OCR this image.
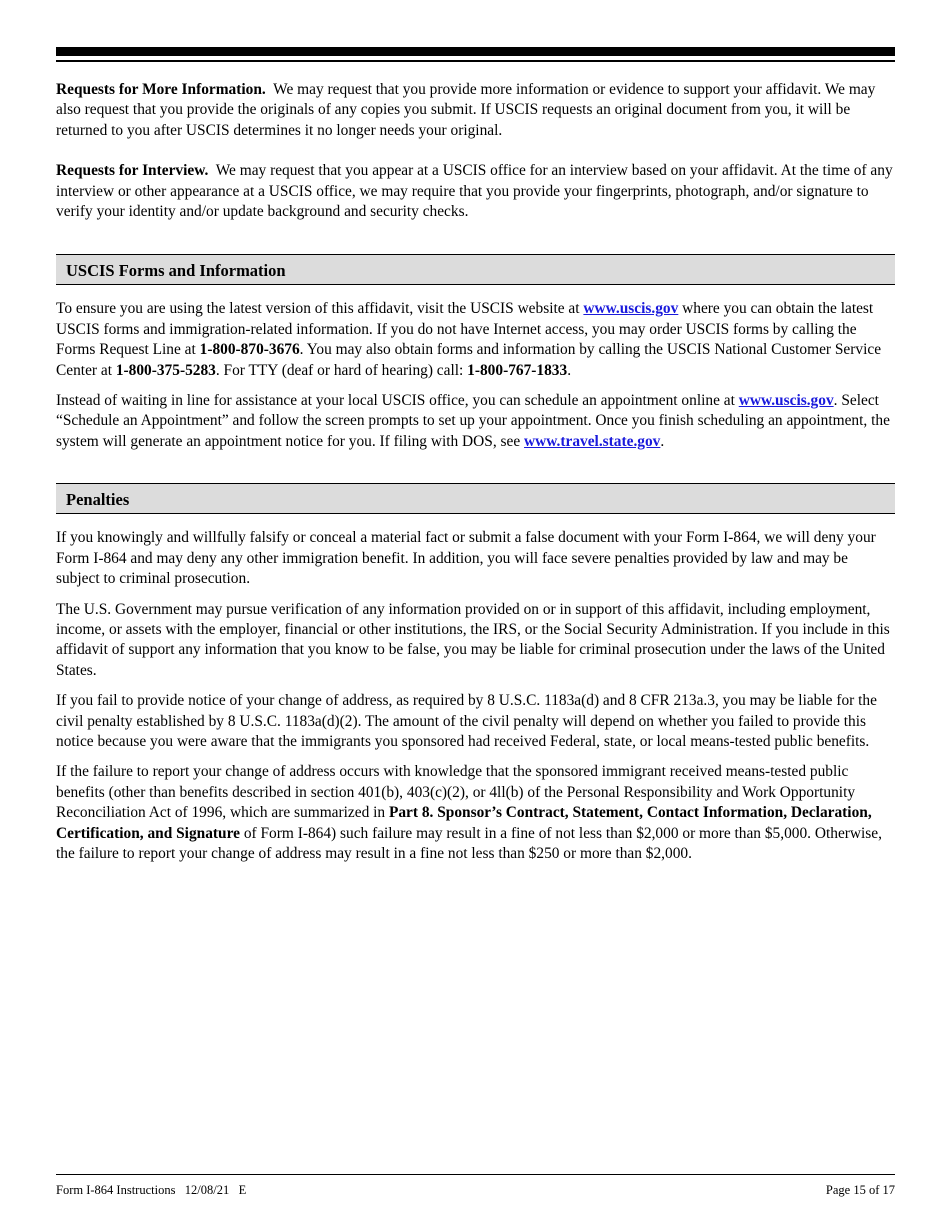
Requests for More Information. We may request that you provide more information or evidence to support your affidavit. We may also request that you provide the originals of any copies you submit. If USCIS requests an original document from you, it will be returned to you after USCIS determines it no longer needs your original.

Requests for Interview. We may request that you appear at a USCIS office for an interview based on your affidavit. At the time of any interview or other appearance at a USCIS office, we may require that you provide your fingerprints, photograph, and/or signature to verify your identity and/or update background and security checks.

USCIS Forms and Information

To ensure you are using the latest version of this affidavit, visit the USCIS website at www.uscis.gov where you can obtain the latest USCIS forms and immigration-related information. If you do not have Internet access, you may order USCIS forms by calling the Forms Request Line at 1-800-870-3676. You may also obtain forms and information by calling the USCIS National Customer Service Center at 1-800-375-5283. For TTY (deaf or hard of hearing) call: 1-800-767-1833.

Instead of waiting in line for assistance at your local USCIS office, you can schedule an appointment online at www.uscis.gov. Select “Schedule an Appointment” and follow the screen prompts to set up your appointment. Once you finish scheduling an appointment, the system will generate an appointment notice for you. If filing with DOS, see www.travel.state.gov.

Penalties

If you knowingly and willfully falsify or conceal a material fact or submit a false document with your Form I-864, we will deny your Form I-864 and may deny any other immigration benefit. In addition, you will face severe penalties provided by law and may be subject to criminal prosecution.

The U.S. Government may pursue verification of any information provided on or in support of this affidavit, including employment, income, or assets with the employer, financial or other institutions, the IRS, or the Social Security Administration. If you include in this affidavit of support any information that you know to be false, you may be liable for criminal prosecution under the laws of the United States.

If you fail to provide notice of your change of address, as required by 8 U.S.C. 1183a(d) and 8 CFR 213a.3, you may be liable for the civil penalty established by 8 U.S.C. 1183a(d)(2). The amount of the civil penalty will depend on whether you failed to provide this notice because you were aware that the immigrants you sponsored had received Federal, state, or local means-tested public benefits.

If the failure to report your change of address occurs with knowledge that the sponsored immigrant received means-tested public benefits (other than benefits described in section 401(b), 403(c)(2), or 4ll(b) of the Personal Responsibility and Work Opportunity Reconciliation Act of 1996, which are summarized in Part 8. Sponsor’s Contract, Statement, Contact Information, Declaration, Certification, and Signature of Form I-864) such failure may result in a fine of not less than $2,000 or more than $5,000. Otherwise, the failure to report your change of address may result in a fine not less than $250 or more than $2,000.

Form I-864 Instructions   12/08/21   E	Page 15 of 17
